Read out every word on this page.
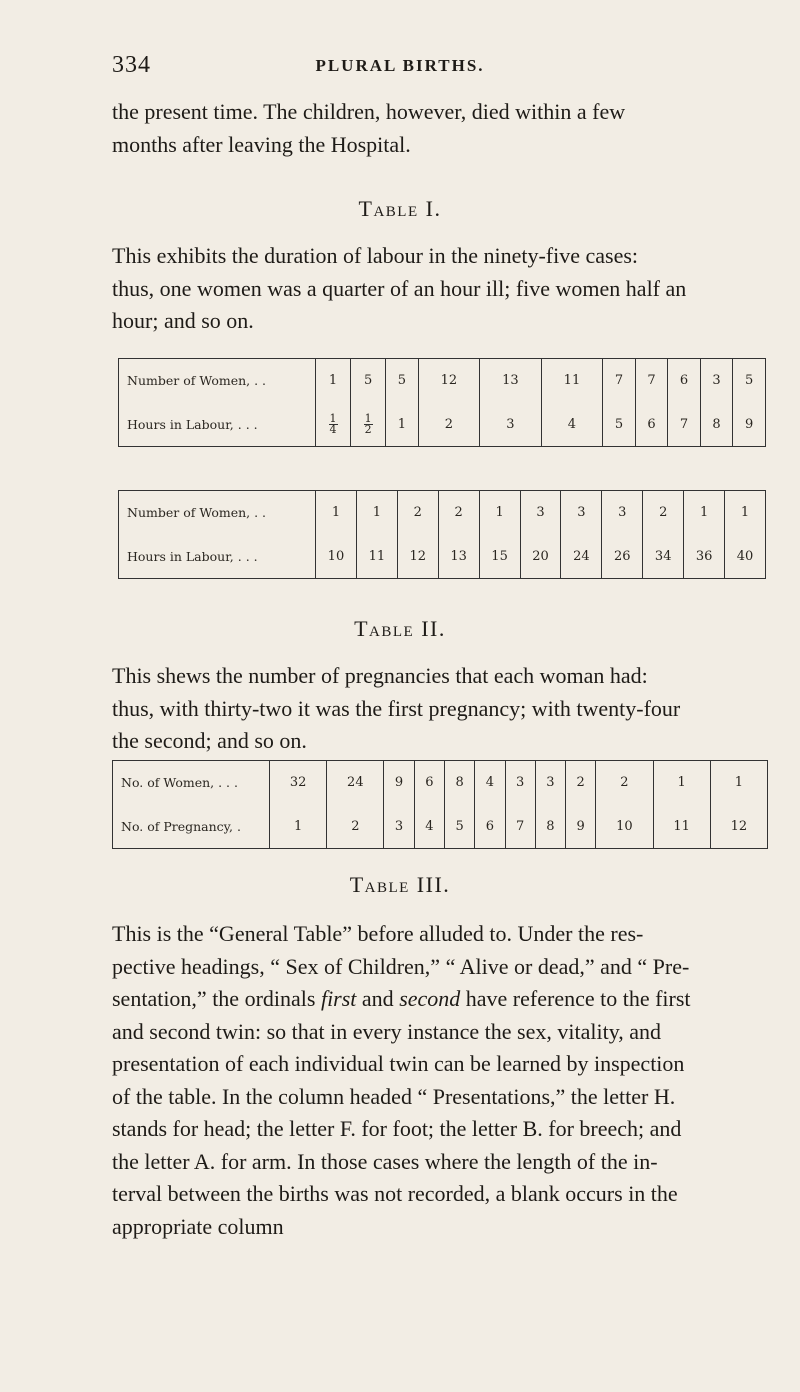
334	PLURAL BIRTHS.
the present time. The children, however, died within a few
months after leaving the Hospital.
Table I.
This exhibits the duration of labour in the ninety-five cases:
thus, one women was a quarter of an hour ill; five women half an
hour; and so on.
Number of Women, . .	1	5	5	12	13	11	7	7	6	3	5
Hours in Labour, . . .	$\frac{1}{4}$	$\frac{1}{2}$	1	2	3	4	5	6	7	8	9
Number of Women, . .	1	1	2	2	1	3	3	3	2	1	1
Hours in Labour, . . .	10	11	12	13	15	20	24	26	34	36	40
Table II.
This shews the number of pregnancies that each woman had:
thus, with thirty-two it was the first pregnancy; with twenty-four
the second; and so on.
No. of Women, . . .	32	24	9	6	8	4	3	3	2	2	1	1
No. of Pregnancy, .	1	2	3	4	5	6	7	8	9	10	11	12
Table III.
This is the “General Table” before alluded to. Under the res-
pective headings, “ Sex of Children,” “ Alive or dead,” and “ Pre-
sentation,” the ordinals first and second have reference to the first
and second twin: so that in every instance the sex, vitality, and
presentation of each individual twin can be learned by inspection
of the table. In the column headed “ Presentations,” the letter H.
stands for head; the letter F. for foot; the letter B. for breech; and
the letter A. for arm. In those cases where the length of the in-
terval between the births was not recorded, a blank occurs in the
appropriate column
